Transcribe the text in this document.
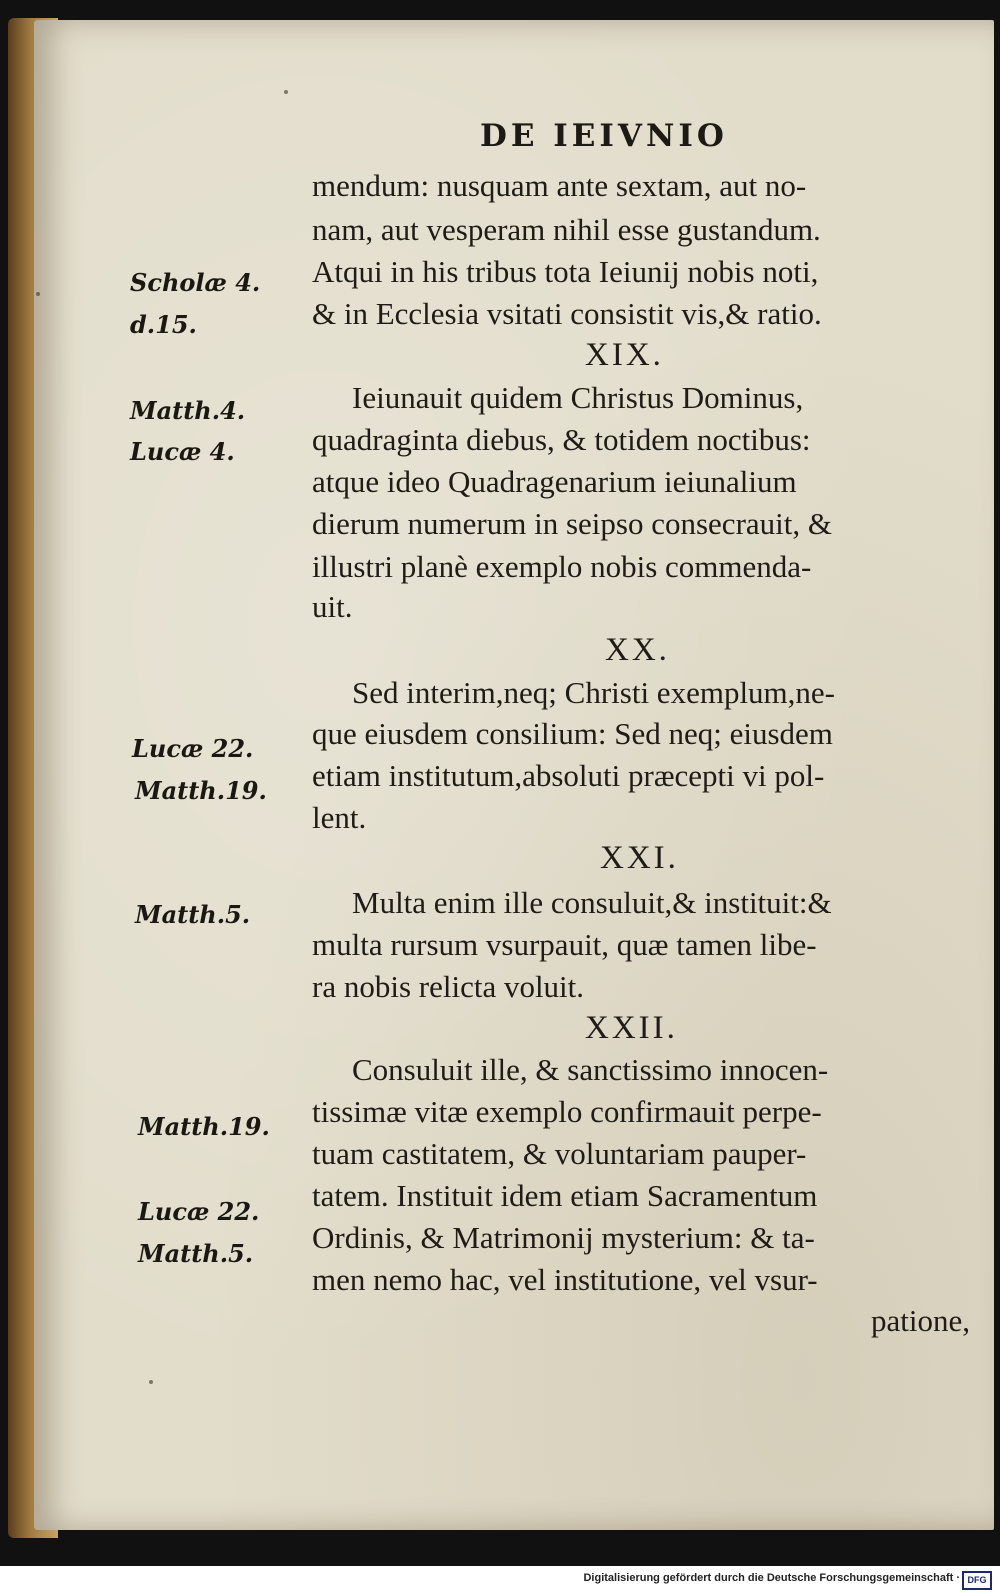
DE IEIVNIO
mendum: nusquam ante sextam, aut no-
nam, aut vesperam nihil esse gustandum.
Atqui in his tribus tota Ieiunij nobis noti,
& in Ecclesia vsitati consistit vis,& ratio.
XIX.
Ieiunauit quidem Christus Dominus,
quadraginta diebus, & totidem noctibus:
atque ideo Quadragenarium ieiunalium
dierum numerum in seipso consecrauit, &
illustri planè exemplo nobis commenda-
uit.
XX.
Sed interim,neq; Christi exemplum,ne-
que eiusdem consilium: Sed neq; eiusdem
etiam institutum,absoluti præcepti vi pol-
lent.
XXI.
Multa enim ille consuluit,& instituit:&
multa rursum vsurpauit, quæ tamen libe-
ra nobis relicta voluit.
XXII.
Consuluit ille, & sanctissimo innocen-
tissimæ vitæ exemplo confirmauit perpe-
tuam castitatem, & voluntariam pauper-
tatem. Instituit idem etiam Sacramentum
Ordinis, & Matrimonij mysterium: & ta-
men nemo hac, vel institutione, vel vsur-
patione,
Scholæ 4.
d.15.
Matth.4.
Lucæ 4.
Lucæ 22.
Matth.19.
Matth.5.
Matth.19.
Lucæ 22.
Matth.5.
Digitalisierung gefördert durch die Deutsche Forschungsgemeinschaft · DFG
